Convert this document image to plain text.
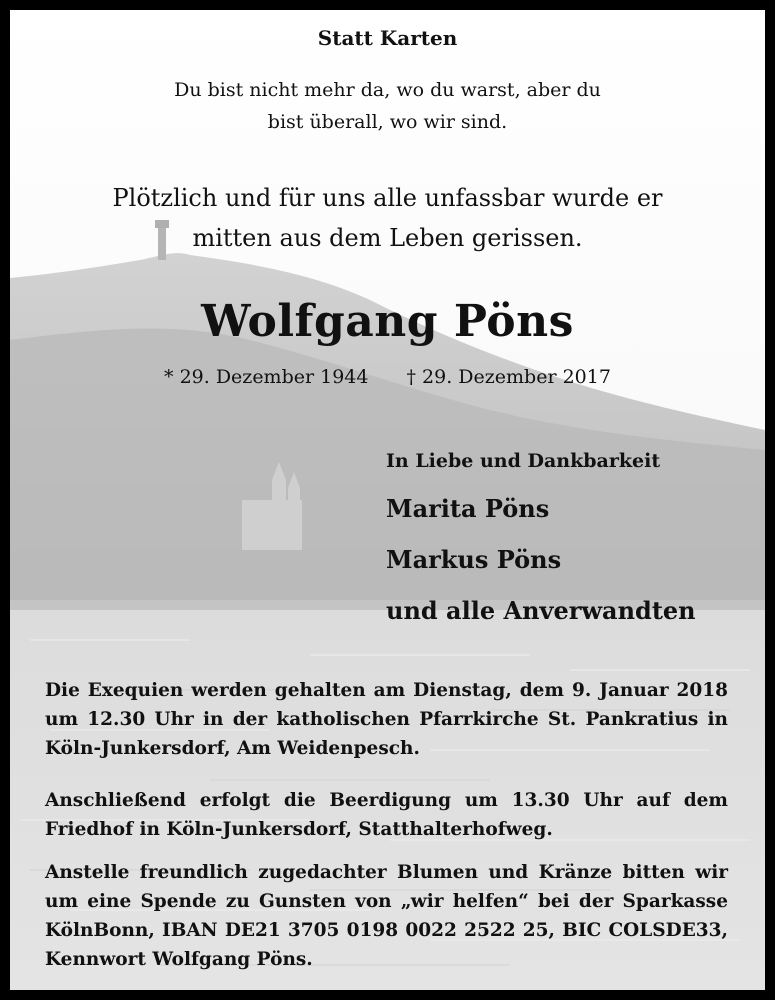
Statt Karten

Du bist nicht mehr da, wo du warst, aber du
bist überall, wo wir sind.
Plötzlich und für uns alle unfassbar wurde er
mitten aus dem Leben gerissen.

Wolfgang Pöns

* 29. Dezember 1944 † 29. Dezember 2017

In Liebe und Dankbarkeit

Marita Pöns

Markus Pöns

und alle Anverwandten

Die Exequien werden gehalten am Dienstag, dem 9. Januar 2018 um 12.30 Uhr in der katholischen Pfarrkirche St. Pankratius in Köln-Junkersdorf, Am Weidenpesch.

Anschließend erfolgt die Beerdigung um 13.30 Uhr auf dem Friedhof in Köln-Junkersdorf, Statthalterhofweg.

Anstelle freundlich zugedachter Blumen und Kränze bitten wir um eine Spende zu Gunsten von „wir helfen“ bei der Sparkasse KölnBonn, IBAN DE21 3705 0198 0022 2522 25, BIC COLSDE33, Kennwort Wolfgang Pöns.
